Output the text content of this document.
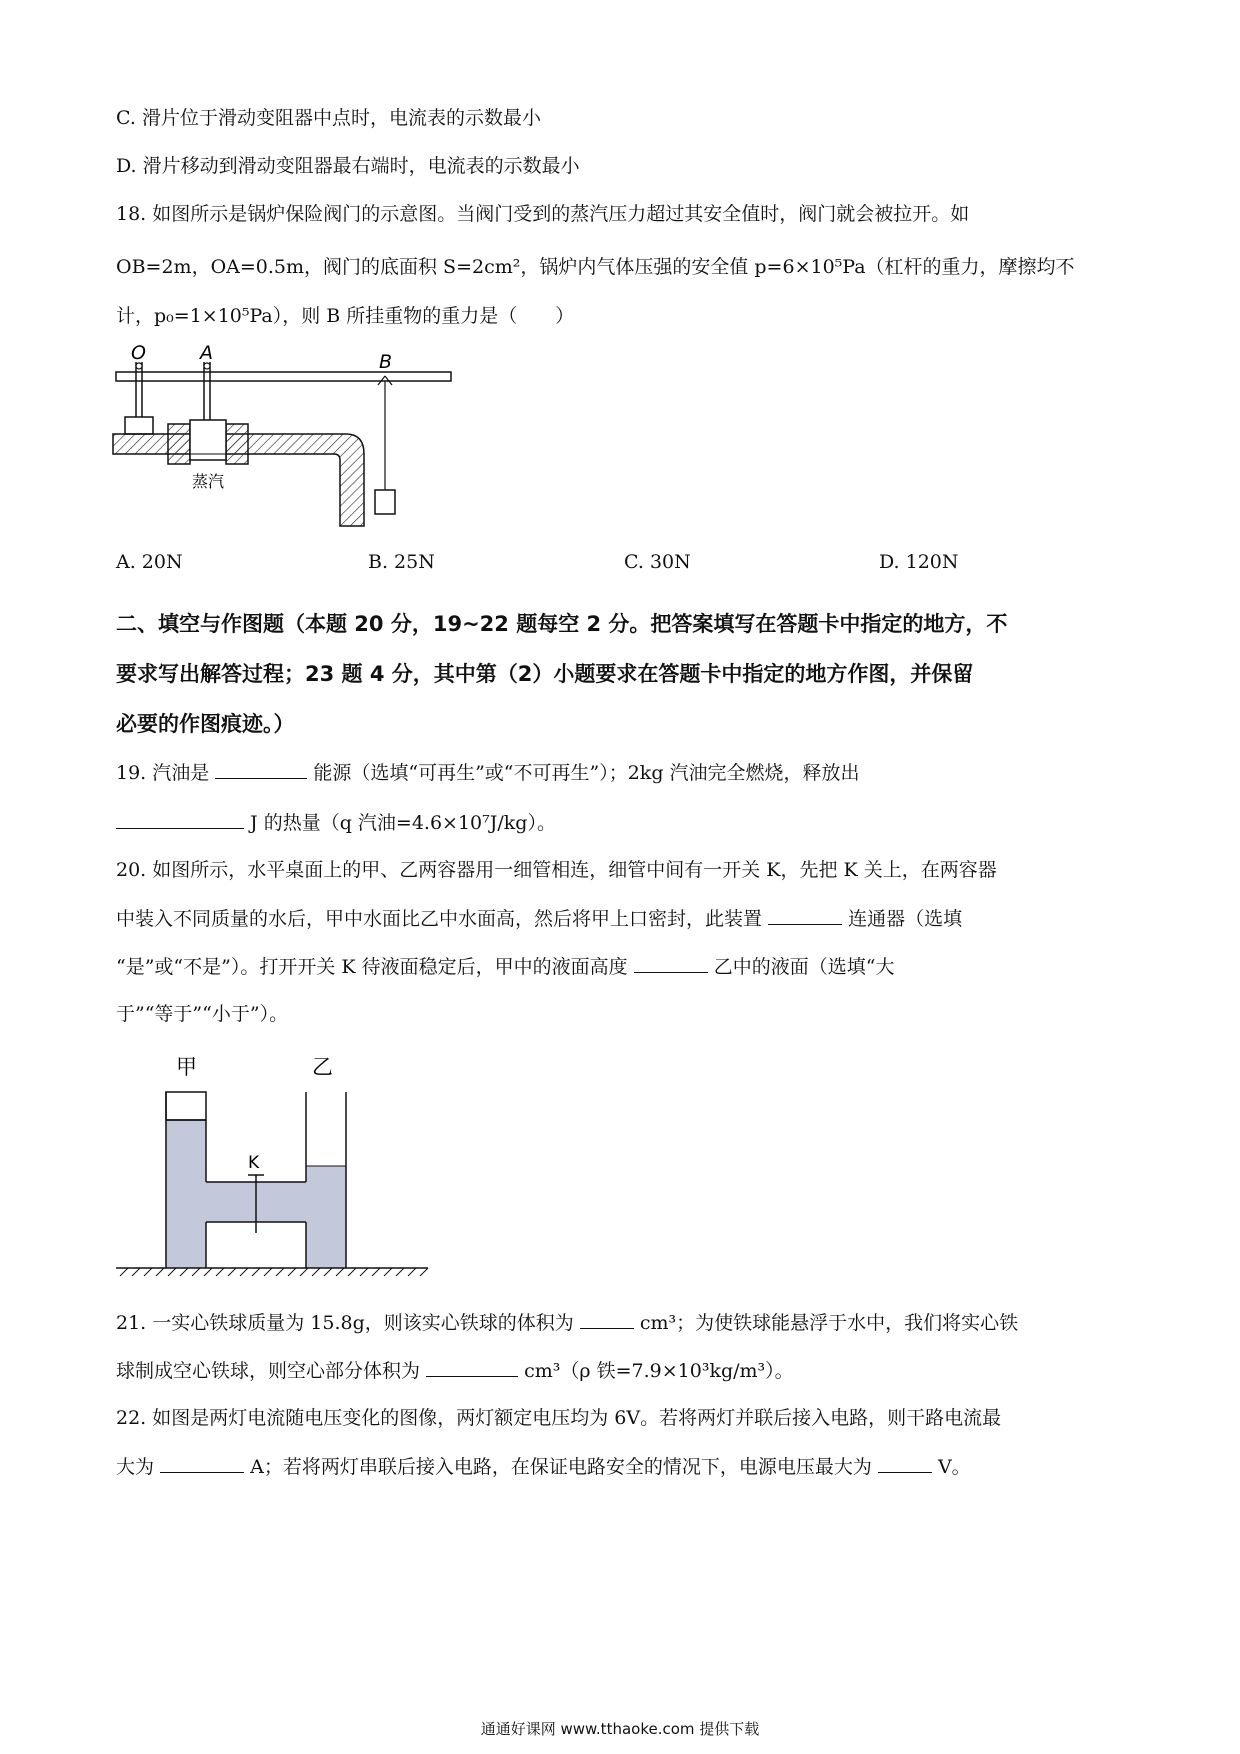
C. 滑片位于滑动变阻器中点时，电流表的示数最小
D. 滑片移动到滑动变阻器最右端时，电流表的示数最小
18. 如图所示是锅炉保险阀门的示意图。当阀门受到的蒸汽压力超过其安全值时，阀门就会被拉开。如
OB=2m，OA=0.5m，阀门的底面积 S=2cm²，锅炉内气体压强的安全值 p=6×10⁵Pa（杠杆的重力，摩擦均不
计，p₀=1×10⁵Pa），则 B 所挂重物的重力是（　　）
O	A	B
蒸汽
A. 20N	B. 25N	C. 30N	D. 120N
二、填空与作图题（本题 20 分，19~22 题每空 2 分。把答案填写在答题卡中指定的地方，不
要求写出解答过程；23 题 4 分，其中第（2）小题要求在答题卡中指定的地方作图，并保留
必要的作图痕迹。）
19. 汽油是	能源（选填“可再生”或“不可再生”）；2kg 汽油完全燃烧，释放出
J 的热量（q 汽油=4.6×10⁷J/kg）。
20. 如图所示，水平桌面上的甲、乙两容器用一细管相连，细管中间有一开关 K，先把 K 关上，在两容器
中装入不同质量的水后，甲中水面比乙中水面高，然后将甲上口密封，此装置	连通器（选填
“是”或“不是”）。打开开关 K 待液面稳定后，甲中的液面高度	乙中的液面（选填“大
于”“等于”“小于”）。
甲	乙
K
21. 一实心铁球质量为 15.8g，则该实心铁球的体积为	cm³；为使铁球能悬浮于水中，我们将实心铁
球制成空心铁球，则空心部分体积为	cm³（ρ 铁=7.9×10³kg/m³）。
22. 如图是两灯电流随电压变化的图像，两灯额定电压均为 6V。若将两灯并联后接入电路，则干路电流最
大为	A；若将两灯串联后接入电路，在保证电路安全的情况下，电源电压最大为	V。
通通好课网 www.tthaoke.com 提供下载
